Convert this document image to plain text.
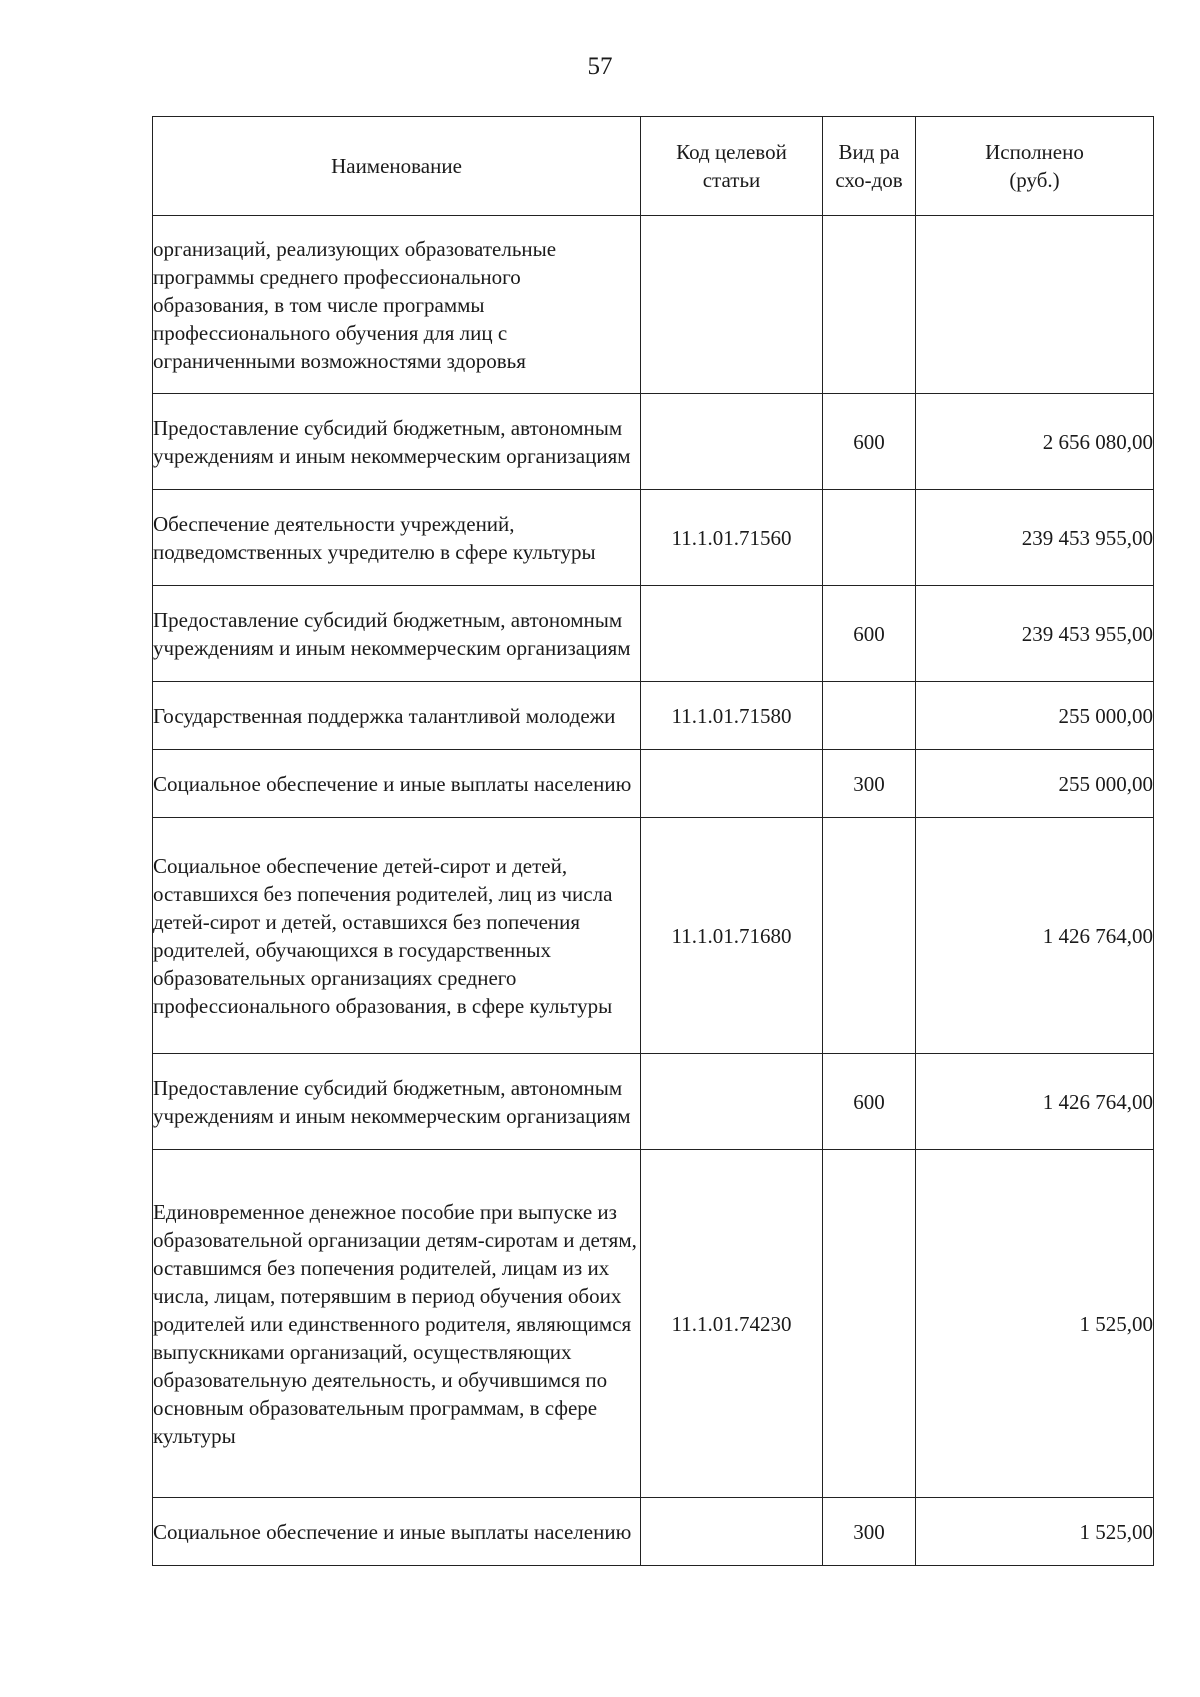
57
Наименование	Код целевой статьи	Вид расхо-дов	Исполнено (руб.)

организаций, реализующих образовательные программы среднего профессионального образования, в том числе программы профессионального обучения для лиц с ограниченными возможностями здоровья			
Предоставление субсидий бюджетным, автономным учреждениям и иным некоммерческим организациям		600	2 656 080,00
Обеспечение деятельности учреждений, подведомственных учредителю в сфере культуры	11.1.01.71560		239 453 955,00
Предоставление субсидий бюджетным, автономным учреждениям и иным некоммерческим организациям		600	239 453 955,00
Государственная поддержка талантливой молодежи	11.1.01.71580		255 000,00
Социальное обеспечение и иные выплаты населению		300	255 000,00
Социальное обеспечение детей-сирот и детей, оставшихся без попечения родителей, лиц из числа детей-сирот и детей, оставшихся без попечения родителей, обучающихся в государственных образовательных организациях среднего профессионального образования, в сфере культуры	11.1.01.71680		1 426 764,00
Предоставление субсидий бюджетным, автономным учреждениям и иным некоммерческим организациям		600	1 426 764,00
Единовременное денежное пособие при выпуске из образовательной организации детям-сиротам и детям, оставшимся без попечения родителей, лицам из их числа, лицам, потерявшим в период обучения обоих родителей или единственного родителя, являющимся выпускниками организаций, осуществляющих образовательную деятельность, и обучившимся по основным образовательным программам, в сфере культуры	11.1.01.74230		1 525,00
Социальное обеспечение и иные выплаты населению		300	1 525,00
